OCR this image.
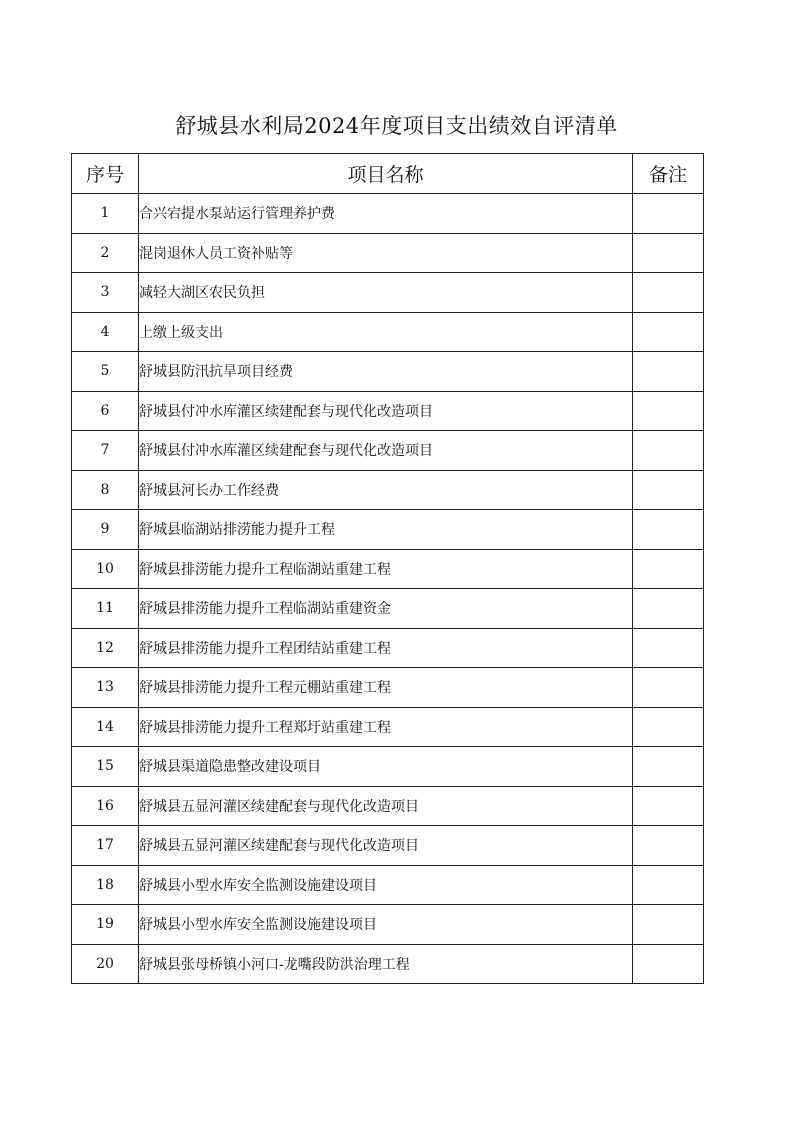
舒城县水利局2024年度项目支出绩效自评清单
序号	项目名称	备注
1	合兴宕提水泵站运行管理养护费	
2	混岗退休人员工资补贴等	
3	减轻大湖区农民负担	
4	上缴上级支出	
5	舒城县防汛抗旱项目经费	
6	舒城县付冲水库灌区续建配套与现代化改造项目	
7	舒城县付冲水库灌区续建配套与现代化改造项目	
8	舒城县河长办工作经费	
9	舒城县临湖站排涝能力提升工程	
10	舒城县排涝能力提升工程临湖站重建工程	
11	舒城县排涝能力提升工程临湖站重建资金	
12	舒城县排涝能力提升工程团结站重建工程	
13	舒城县排涝能力提升工程元棚站重建工程	
14	舒城县排涝能力提升工程郑圩站重建工程	
15	舒城县渠道隐患整改建设项目	
16	舒城县五显河灌区续建配套与现代化改造项目	
17	舒城县五显河灌区续建配套与现代化改造项目	
18	舒城县小型水库安全监测设施建设项目	
19	舒城县小型水库安全监测设施建设项目	
20	舒城县张母桥镇小河口-龙嘴段防洪治理工程	
